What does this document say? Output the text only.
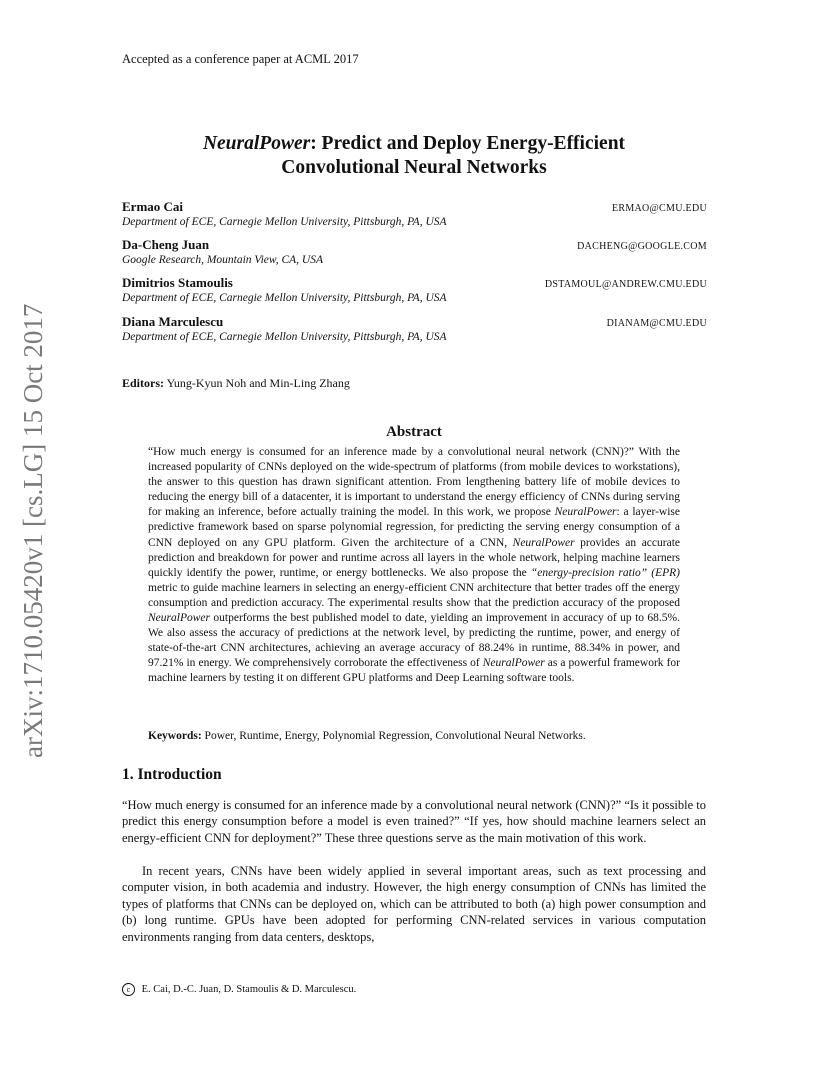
Accepted as a conference paper at ACML 2017
NeuralPower: Predict and Deploy Energy-Efficient
Convolutional Neural Networks
Ermao Cai	ERMAO@CMU.EDU
Department of ECE, Carnegie Mellon University, Pittsburgh, PA, USA
Da-Cheng Juan	DACHENG@GOOGLE.COM
Google Research, Mountain View, CA, USA
Dimitrios Stamoulis	DSTAMOUL@ANDREW.CMU.EDU
Department of ECE, Carnegie Mellon University, Pittsburgh, PA, USA
Diana Marculescu	DIANAM@CMU.EDU
Department of ECE, Carnegie Mellon University, Pittsburgh, PA, USA
Editors: Yung-Kyun Noh and Min-Ling Zhang
Abstract
“How much energy is consumed for an inference made by a convolutional neural network (CNN)?” With the increased popularity of CNNs deployed on the wide-spectrum of platforms (from mobile devices to workstations), the answer to this question has drawn significant attention. From lengthening battery life of mobile devices to reducing the energy bill of a datacenter, it is important to understand the energy efficiency of CNNs during serving for making an inference, before actually training the model. In this work, we propose NeuralPower: a layer-wise predictive framework based on sparse polynomial regression, for predicting the serving energy consumption of a CNN deployed on any GPU platform. Given the architecture of a CNN, NeuralPower provides an accurate prediction and breakdown for power and runtime across all layers in the whole network, helping machine learners quickly identify the power, runtime, or energy bottlenecks. We also propose the “energy-precision ratio” (EPR) metric to guide machine learners in selecting an energy-efficient CNN architecture that better trades off the energy consumption and prediction accuracy. The experimental results show that the prediction accuracy of the proposed NeuralPower outperforms the best published model to date, yielding an improvement in accuracy of up to 68.5%. We also assess the accuracy of predictions at the network level, by predicting the runtime, power, and energy of state-of-the-art CNN architectures, achieving an average accuracy of 88.24% in runtime, 88.34% in power, and 97.21% in energy. We comprehensively corroborate the effectiveness of NeuralPower as a powerful framework for machine learners by testing it on different GPU platforms and Deep Learning software tools.
Keywords: Power, Runtime, Energy, Polynomial Regression, Convolutional Neural Networks.
1. Introduction
“How much energy is consumed for an inference made by a convolutional neural network (CNN)?” “Is it possible to predict this energy consumption before a model is even trained?” “If yes, how should machine learners select an energy-efficient CNN for deployment?” These three questions serve as the main motivation of this work.
In recent years, CNNs have been widely applied in several important areas, such as text processing and computer vision, in both academia and industry. However, the high energy consumption of CNNs has limited the types of platforms that CNNs can be deployed on, which can be attributed to both (a) high power consumption and (b) long runtime. GPUs have been adopted for performing CNN-related services in various computation environments ranging from data centers, desktops,
c E. Cai, D.-C. Juan, D. Stamoulis & D. Marculescu.
arXiv:1710.05420v1 [cs.LG] 15 Oct 2017
